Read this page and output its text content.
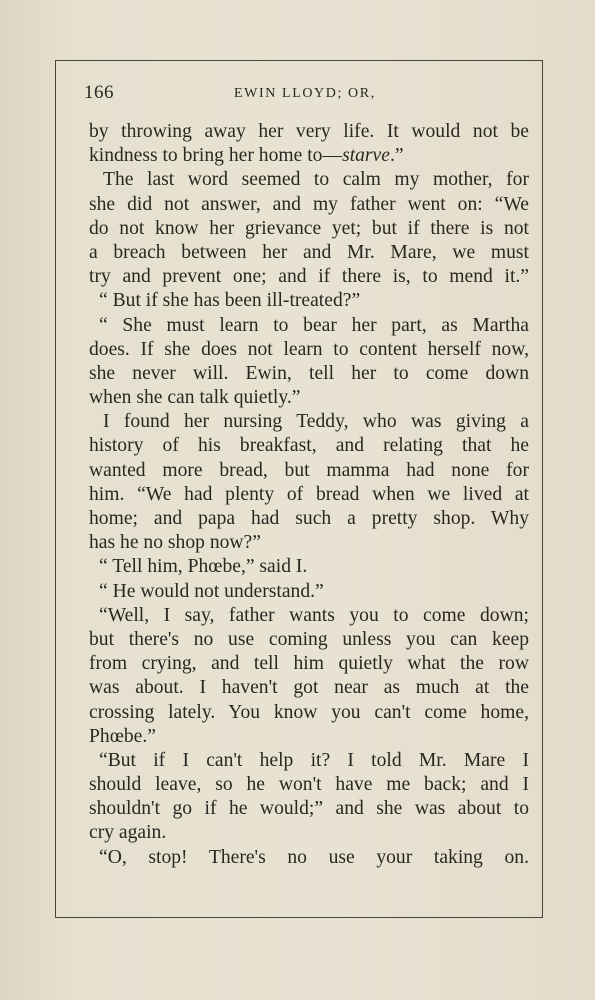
166	EWIN LLOYD; OR,
by throwing away her very life. It would not be
kindness to bring her home to—starve.”
The last word seemed to calm my mother, for
she did not answer, and my father went on: “We
do not know her grievance yet; but if there is not
a breach between her and Mr. Mare, we must
try and prevent one; and if there is, to mend it.”
“ But if she has been ill-treated?”
“ She must learn to bear her part, as Martha
does. If she does not learn to content herself now,
she never will. Ewin, tell her to come down
when she can talk quietly.”
I found her nursing Teddy, who was giving a
history of his breakfast, and relating that he
wanted more bread, but mamma had none for
him. “We had plenty of bread when we lived at
home; and papa had such a pretty shop. Why
has he no shop now?”
“ Tell him, Phœbe,” said I.
“ He would not understand.”
“Well, I say, father wants you to come down;
but there's no use coming unless you can keep
from crying, and tell him quietly what the row
was about. I haven't got near as much at the
crossing lately. You know you can't come home,
Phœbe.”
“But if I can't help it? I told Mr. Mare I
should leave, so he won't have me back; and I
shouldn't go if he would;” and she was about to
cry again.
“O, stop! There's no use your taking on.
